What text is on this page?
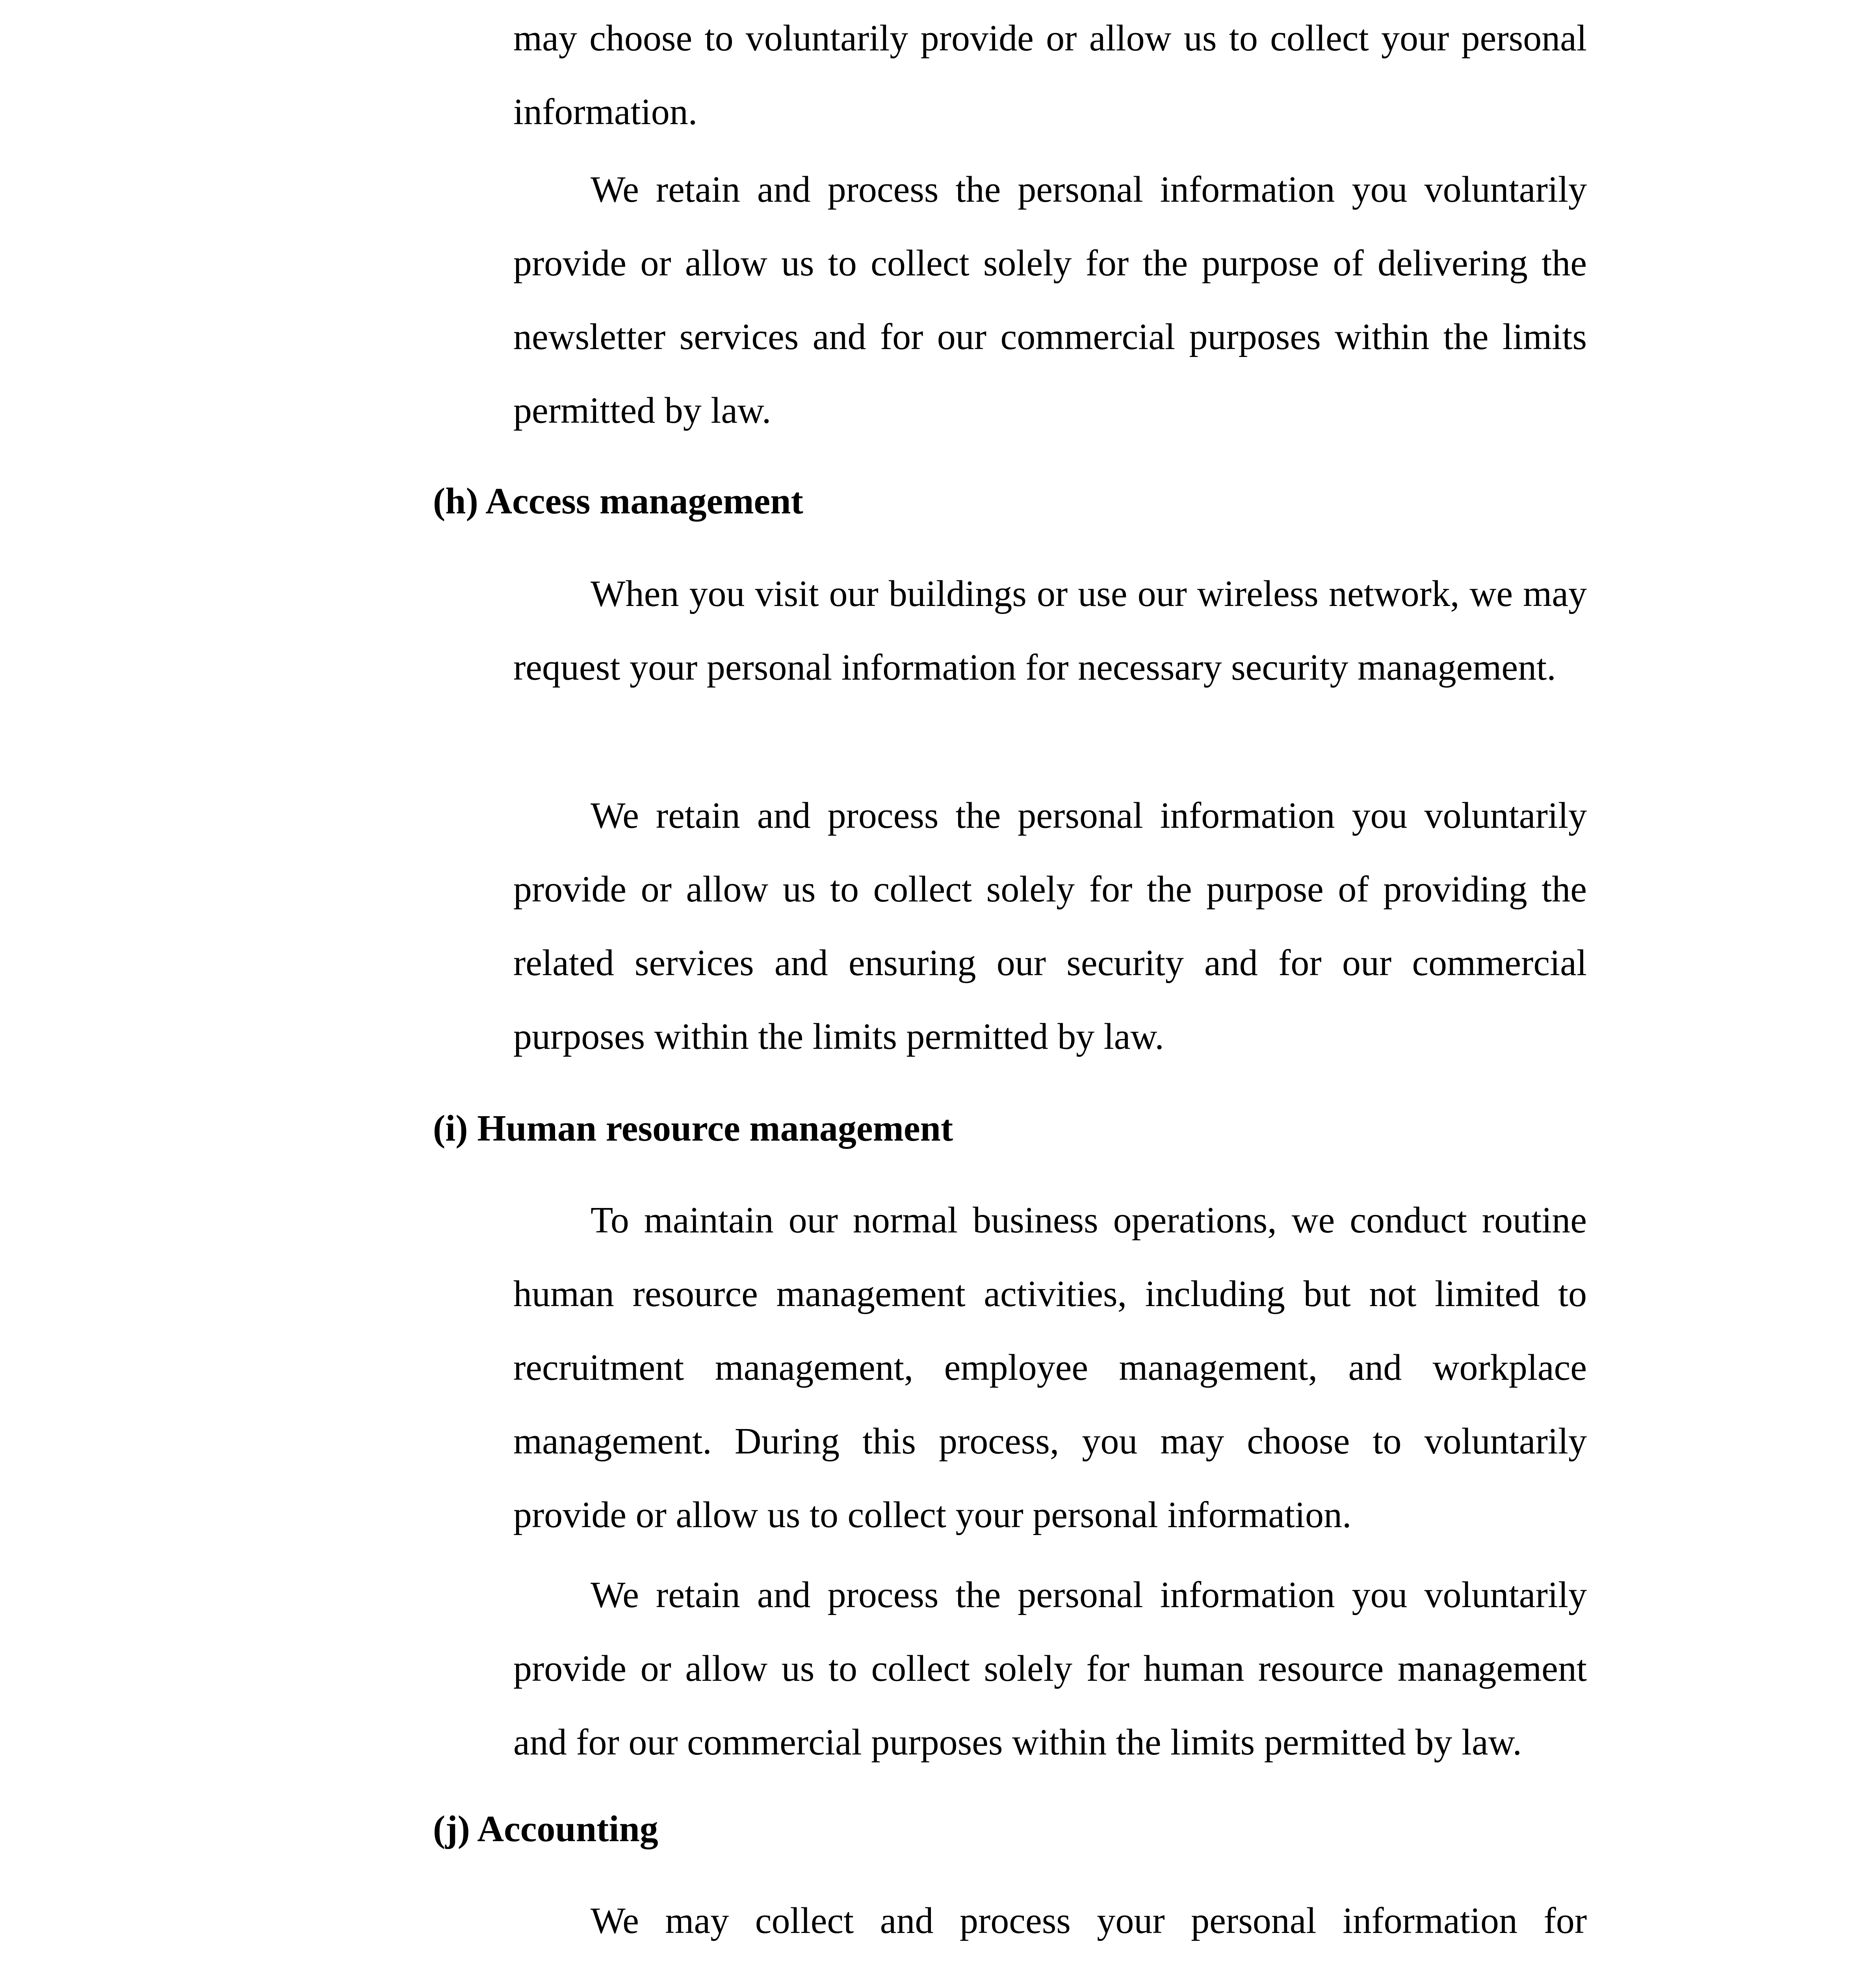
may choose to voluntarily provide or allow us to collect your personal information.

We retain and process the personal information you voluntarily provide or allow us to collect solely for the purpose of delivering the newsletter services and for our commercial purposes within the limits permitted by law.

(h) Access management

When you visit our buildings or use our wireless network, we may request your personal information for necessary security management.

We retain and process the personal information you voluntarily provide or allow us to collect solely for the purpose of providing the related services and ensuring our security and for our commercial purposes within the limits permitted by law.

(i) Human resource management

To maintain our normal business operations, we conduct routine human resource management activities, including but not limited to recruitment management, employee management, and workplace management. During this process, you may choose to voluntarily provide or allow us to collect your personal information.

We retain and process the personal information you voluntarily provide or allow us to collect solely for human resource management and for our commercial purposes within the limits permitted by law.

(j) Accounting

We may collect and process your personal information for
